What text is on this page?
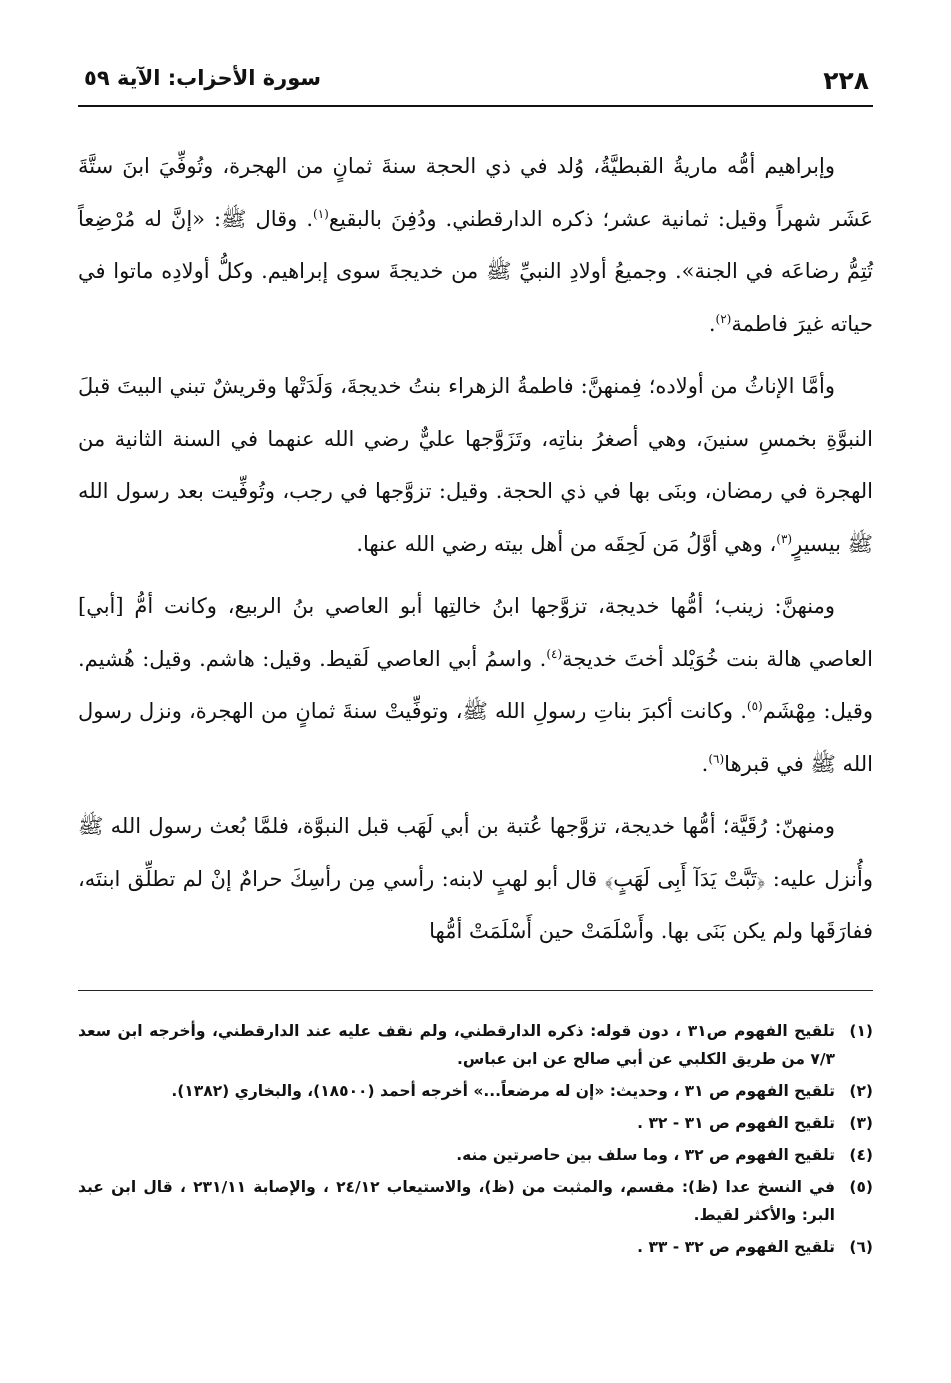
٢٢٨
سورة الأحزاب: الآية ٥٩

وإبراهيم أمُّه ماريةُ القبطيَّةُ، وُلد في ذي الحجة سنةَ ثمانٍ من الهجرة، وتُوفِّيَ ابنَ ستَّةَ عَشَر شهراً وقيل: ثمانية عشر؛ ذكره الدارقطني. ودُفِنَ بالبقيع$^{(١)}$. وقال ﷺ: «إنَّ له مُرْضِعاً تُتِمُّ رضاعَه في الجنة». وجميعُ أولادِ النبيِّ ﷺ من خديجةَ سوى إبراهيم. وكلُّ أولادِه ماتوا في حياته غيرَ فاطمة$^{(٢)}$.

وأمَّا الإناثُ من أولاده؛ فِمنهنَّ: فاطمةُ الزهراء بنتُ خديجةَ، وَلَدَتْها وقريشٌ تبني البيتَ قبلَ النبوَّةِ بخمسِ سنينَ، وهي أصغرُ بناتِه، وتَزَوَّجها عليٌّ رضي الله عنهما في السنة الثانية من الهجرة في رمضان، وبنَى بها في ذي الحجة. وقيل: تزوَّجها في رجب، وتُوفِّيت بعد رسول الله ﷺ بيسيرٍ$^{(٣)}$، وهي أوَّلُ مَن لَحِقَه من أهل بيته رضي الله عنها.

ومنهنَّ: زينب؛ أمُّها خديجة، تزوَّجها ابنُ خالتِها أبو العاصي بنُ الربيع، وكانت أمُّ [أبي] العاصي هالة بنت خُوَيْلد أختَ خديجة$^{(٤)}$. واسمُ أبي العاصي لَقيط. وقيل: هاشم. وقيل: هُشيم. وقيل: مِهْشَم$^{(٥)}$. وكانت أكبرَ بناتِ رسولِ الله ﷺ، وتوفِّيتْ سنةَ ثمانٍ من الهجرة، ونزل رسول الله ﷺ في قبرها$^{(٦)}$.

ومنهنّ: رُقَيَّة؛ أمُّها خديجة، تزوَّجها عُتبة بن أبي لَهَب قبل النبوَّة، فلمَّا بُعث رسول الله ﷺ وأُنزل عليه: ﴿تَبَّتْ يَدَآ أَبِى لَهَبٍ﴾ قال أبو لهبٍ لابنه: رأسي مِن رأسِكَ حرامٌ إنْ لم تطلِّق ابنتَه، ففارَقَها ولم يكن بَنَى بها. وأَسْلَمَتْ حين أَسْلَمَتْ أمُّها

(١)تلقيح الفهوم ص٣١ ، دون قوله: ذكره الدارقطني، ولم نقف عليه عند الدارقطني، وأخرجه ابن سعد ٧/٣ من طريق الكلبي عن أبي صالح عن ابن عباس.
(٢)تلقيح الفهوم ص ٣١ ، وحديث: «إن له مرضعاً...» أخرجه أحمد (١٨٥٠٠)، والبخاري (١٣٨٢).
(٣)تلقيح الفهوم ص ٣١ - ٣٢ .
(٤)تلقيح الفهوم ص ٣٢ ، وما سلف بين حاصرتين منه.
(٥)في النسخ عدا (ظ): مقسم، والمثبت من (ظ)، والاستيعاب ٢٤/١٢ ، والإصابة ٢٣١/١١ ، قال ابن عبد البر: والأكثر لقيط.
(٦)تلقيح الفهوم ص ٣٢ - ٣٣ .
